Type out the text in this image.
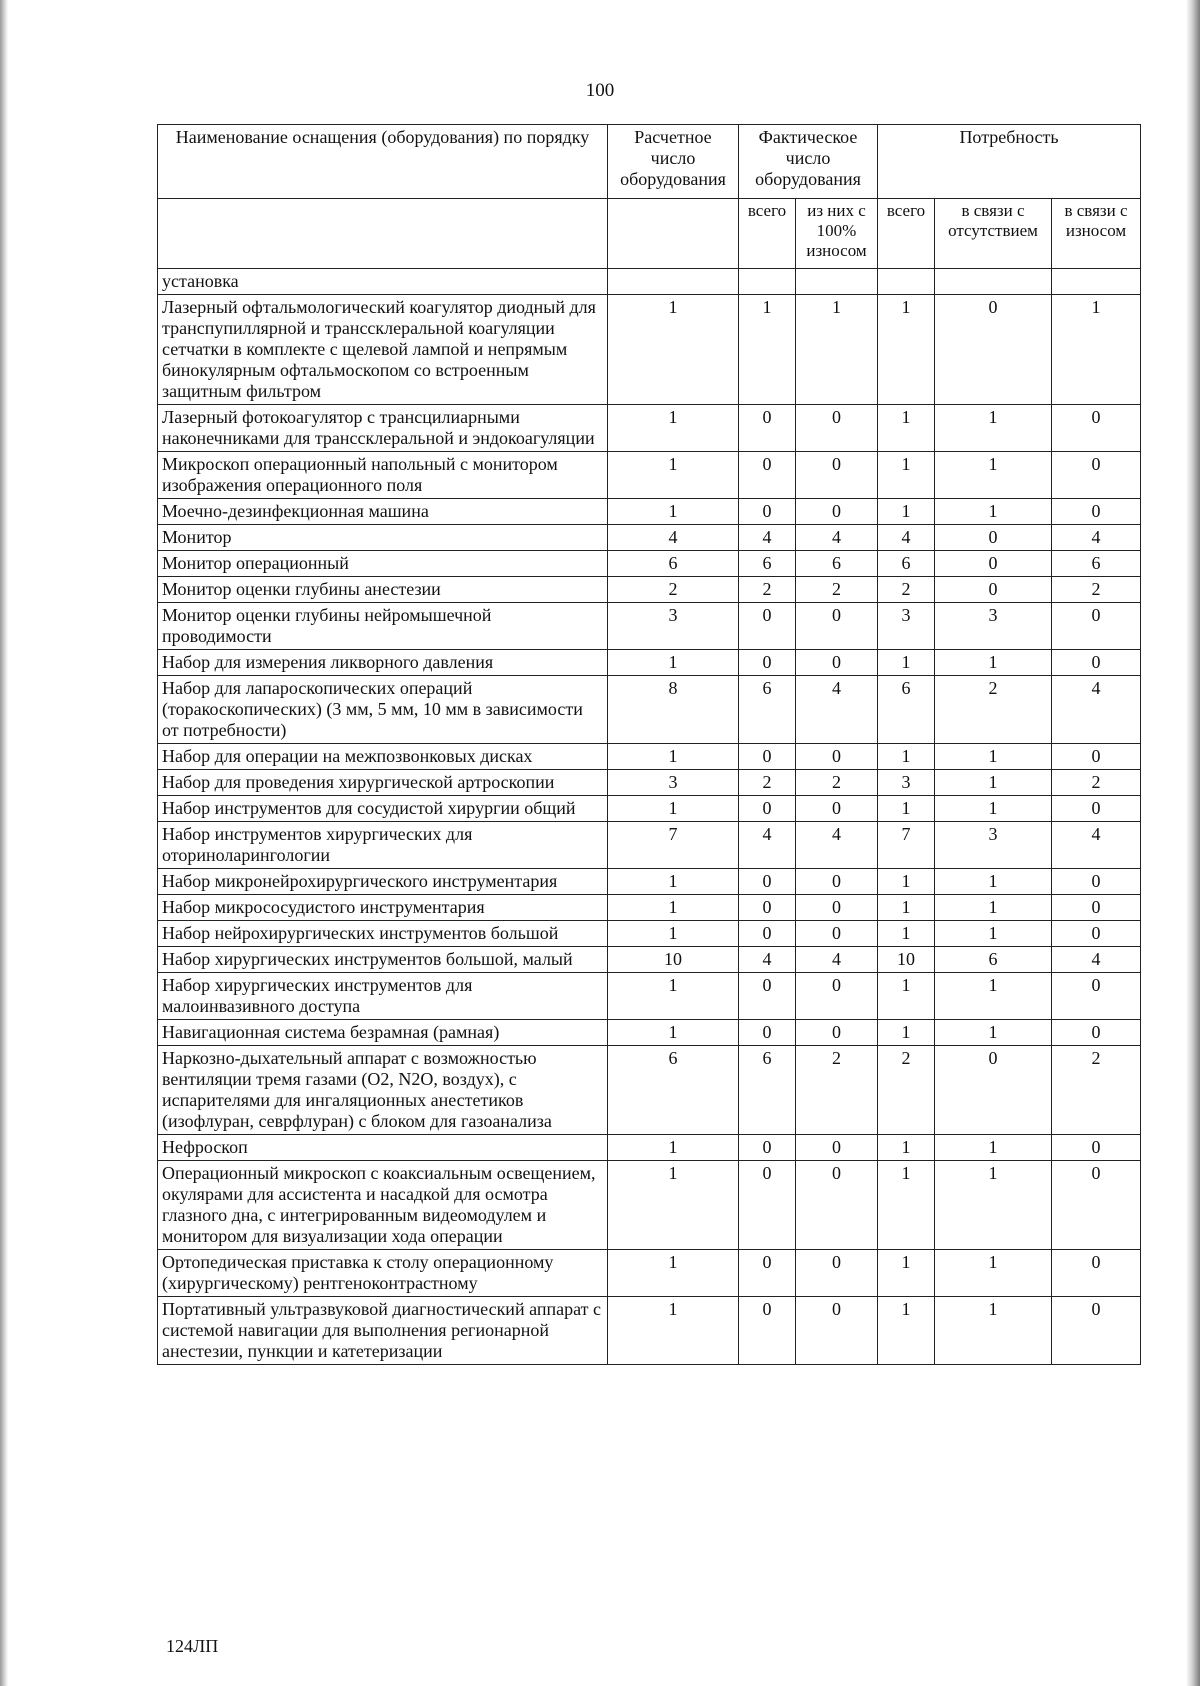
100
Наименование оснащения (оборудования) по порядку	Расчетное число оборудования	Фактическое число оборудования		Потребность		
		всего	из них с 100% износом	всего	в связи с отсутствием	в связи с износом
установка						
Лазерный офтальмологический коагулятор диодный для транспупиллярной и транссклеральной коагуляции сетчатки в комплекте с щелевой лампой и непрямым бинокулярным офтальмоскопом со встроенным защитным фильтром	1	1	1	1	0	1
Лазерный фотокоагулятор с трансцилиарными наконечниками для транссклеральной и эндокоагуляции	1	0	0	1	1	0
Микроскоп операционный напольный с монитором изображения операционного поля	1	0	0	1	1	0
Моечно-дезинфекционная машина	1	0	0	1	1	0
Монитор	4	4	4	4	0	4
Монитор операционный	6	6	6	6	0	6
Монитор оценки глубины анестезии	2	2	2	2	0	2
Монитор оценки глубины нейромышечной проводимости	3	0	0	3	3	0
Набор для измерения ликворного давления	1	0	0	1	1	0
Набор для лапароскопических операций (торакоскопических) (3 мм, 5 мм, 10 мм в зависимости от потребности)	8	6	4	6	2	4
Набор для операции на межпозвонковых дисках	1	0	0	1	1	0
Набор для проведения хирургической артроскопии	3	2	2	3	1	2
Набор инструментов для сосудистой хирургии общий	1	0	0	1	1	0
Набор инструментов хирургических для оториноларингологии	7	4	4	7	3	4
Набор микронейрохирургического инструментария	1	0	0	1	1	0
Набор микрососудистого инструментария	1	0	0	1	1	0
Набор нейрохирургических инструментов большой	1	0	0	1	1	0
Набор хирургических инструментов большой, малый	10	4	4	10	6	4
Набор хирургических инструментов для малоинвазивного доступа	1	0	0	1	1	0
Навигационная система безрамная (рамная)	1	0	0	1	1	0
Наркозно-дыхательный аппарат с возможностью вентиляции тремя газами (О2, N2O, воздух), с испарителями для ингаляционных анестетиков (изофлуран, севрфлуран) с блоком для газоанализа	6	6	2	2	0	2
Нефроскоп	1	0	0	1	1	0
Операционный микроскоп с коаксиальным освещением, окулярами для ассистента и насадкой для осмотра глазного дна, с интегрированным видеомодулем и монитором для визуализации хода операции	1	0	0	1	1	0
Ортопедическая приставка к столу операционному (хирургическому) рентгеноконтрастному	1	0	0	1	1	0
Портативный ультразвуковой диагностический аппарат с системой навигации для выполнения регионарной анестезии, пункции и катетеризации	1	0	0	1	1	0
124ЛП
